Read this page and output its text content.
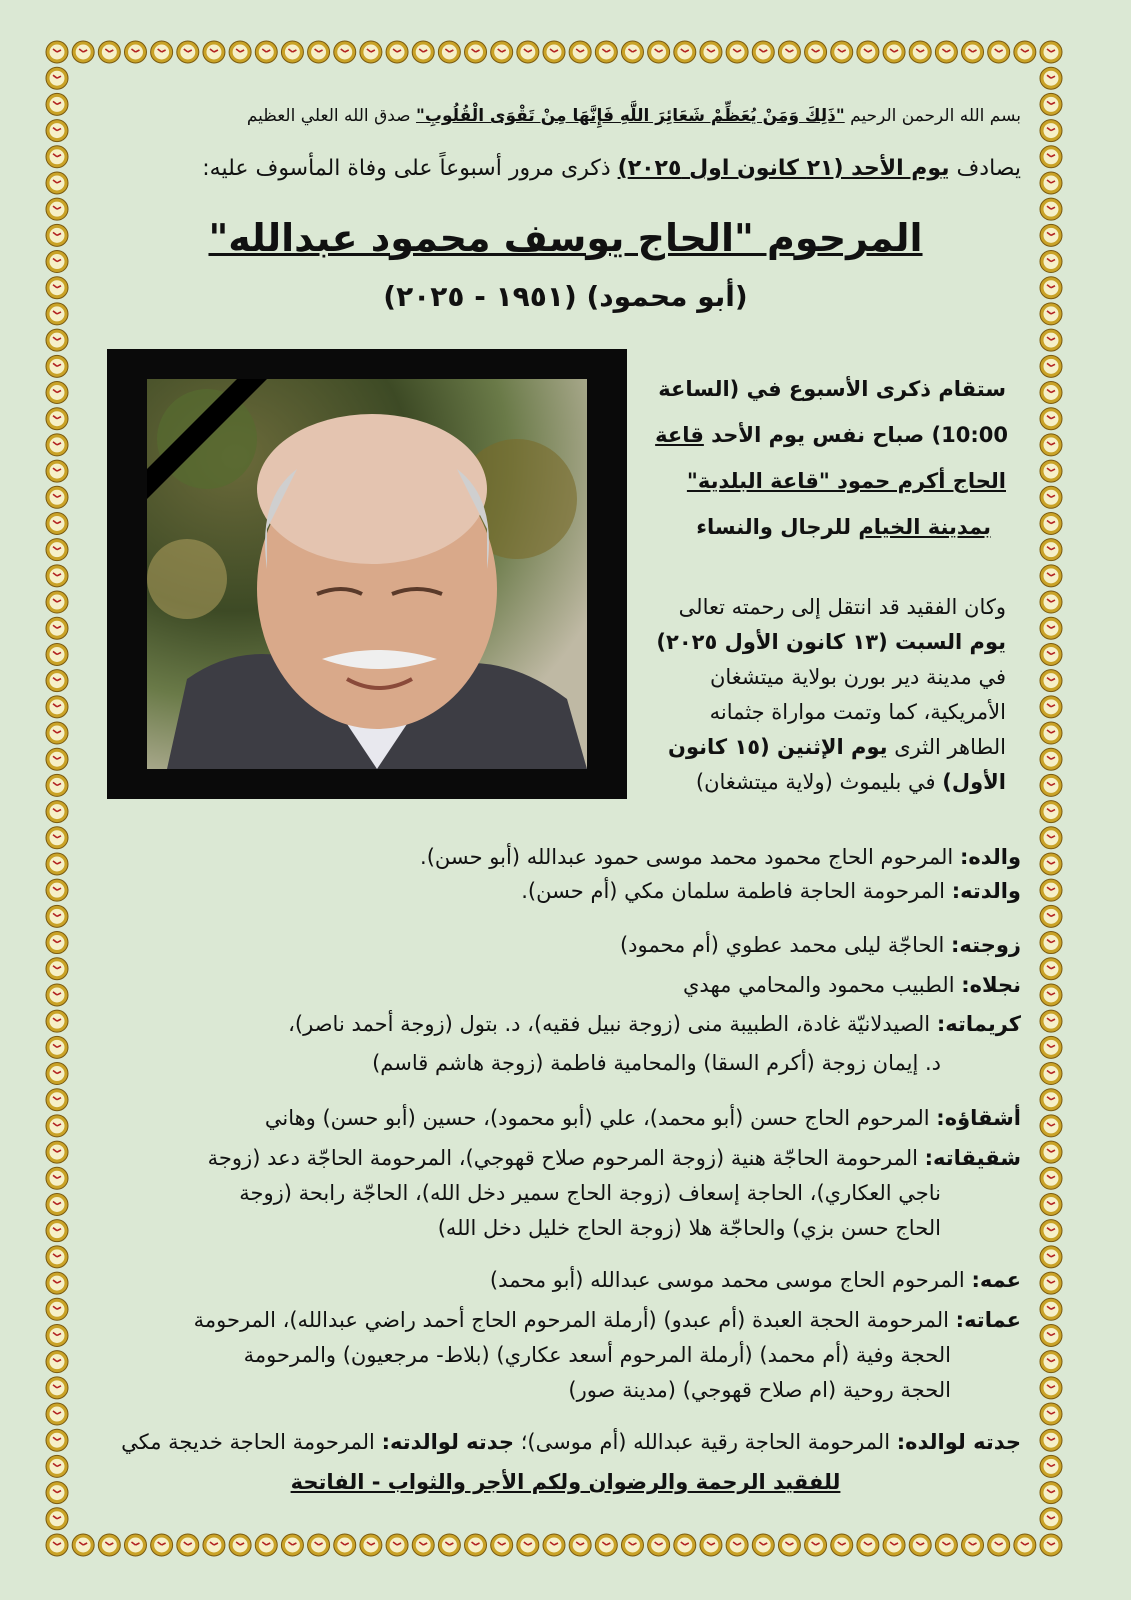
بسم الله الرحمن الرحيم "ذَلِكَ وَمَنْ يُعَظِّمْ شَعَائِرَ اللَّهِ فَإِنَّهَا مِنْ تَقْوَى الْقُلُوبِ" صدق الله العلي العظيم

يصادف يوم الأحد (٢١ كانون اول ٢٠٢٥) ذكرى مرور أسبوعاً على وفاة المأسوف عليه:

المرحوم "الحاج يوسف محمود عبدالله"

(أبو محمود) (١٩٥١ - ٢٠٢٥)

ستقام ذكرى الأسبوع في (الساعة

10:00) صباح نفس يوم الأحد قاعة

الحاج أكرم حمود "قاعة البلدية"

بمدينة الخيام للرجال والنساء

وكان الفقيد قد انتقل إلى رحمته تعالى

يوم السبت (١٣ كانون الأول ٢٠٢٥)

في مدينة دير بورن بولاية ميتشغان

الأمريكية، كما وتمت مواراة جثمانه

الطاهر الثرى يوم الإثنين (١٥ كانون

الأول) في بليموث (ولاية ميتشغان)

والده: المرحوم الحاج محمود محمد موسى حمود عبدالله (أبو حسن).

والدته: المرحومة الحاجة فاطمة سلمان مكي (أم حسن).

زوجته: الحاجّة ليلى محمد عطوي (أم محمود)

نجلاه: الطبيب محمود والمحامي مهدي

كريماته: الصيدلانيّة غادة، الطبيبة منى (زوجة نبيل فقيه)، د. بتول (زوجة أحمد ناصر)،

د. إيمان زوجة (أكرم السقا) والمحامية فاطمة (زوجة هاشم قاسم)

أشقاؤه: المرحوم الحاج حسن (أبو محمد)، علي (أبو محمود)، حسين (أبو حسن) وهاني

شقيقاته: المرحومة الحاجّة هنية (زوجة المرحوم صلاح قهوجي)، المرحومة الحاجّة دعد (زوجة

ناجي العكاري)، الحاجة إسعاف (زوجة الحاج سمير دخل الله)، الحاجّة رابحة (زوجة

الحاج حسن بزي) والحاجّة هلا (زوجة الحاج خليل دخل الله)

عمه: المرحوم الحاج موسى محمد موسى عبدالله (أبو محمد)

عماته: المرحومة الحجة العبدة (أم عبدو) (أرملة المرحوم الحاج أحمد راضي عبدالله)، المرحومة

الحجة وفية (أم محمد) (أرملة المرحوم أسعد عكاري) (بلاط- مرجعيون) والمرحومة

الحجة روحية (ام صلاح قهوجي) (مدينة صور)

جدته لوالده: المرحومة الحاجة رقية عبدالله (أم موسى)؛ جدته لوالدته: المرحومة الحاجة خديجة مكي

للفقيد الرحمة والرضوان ولكم الأجر والثواب - الفاتحة
